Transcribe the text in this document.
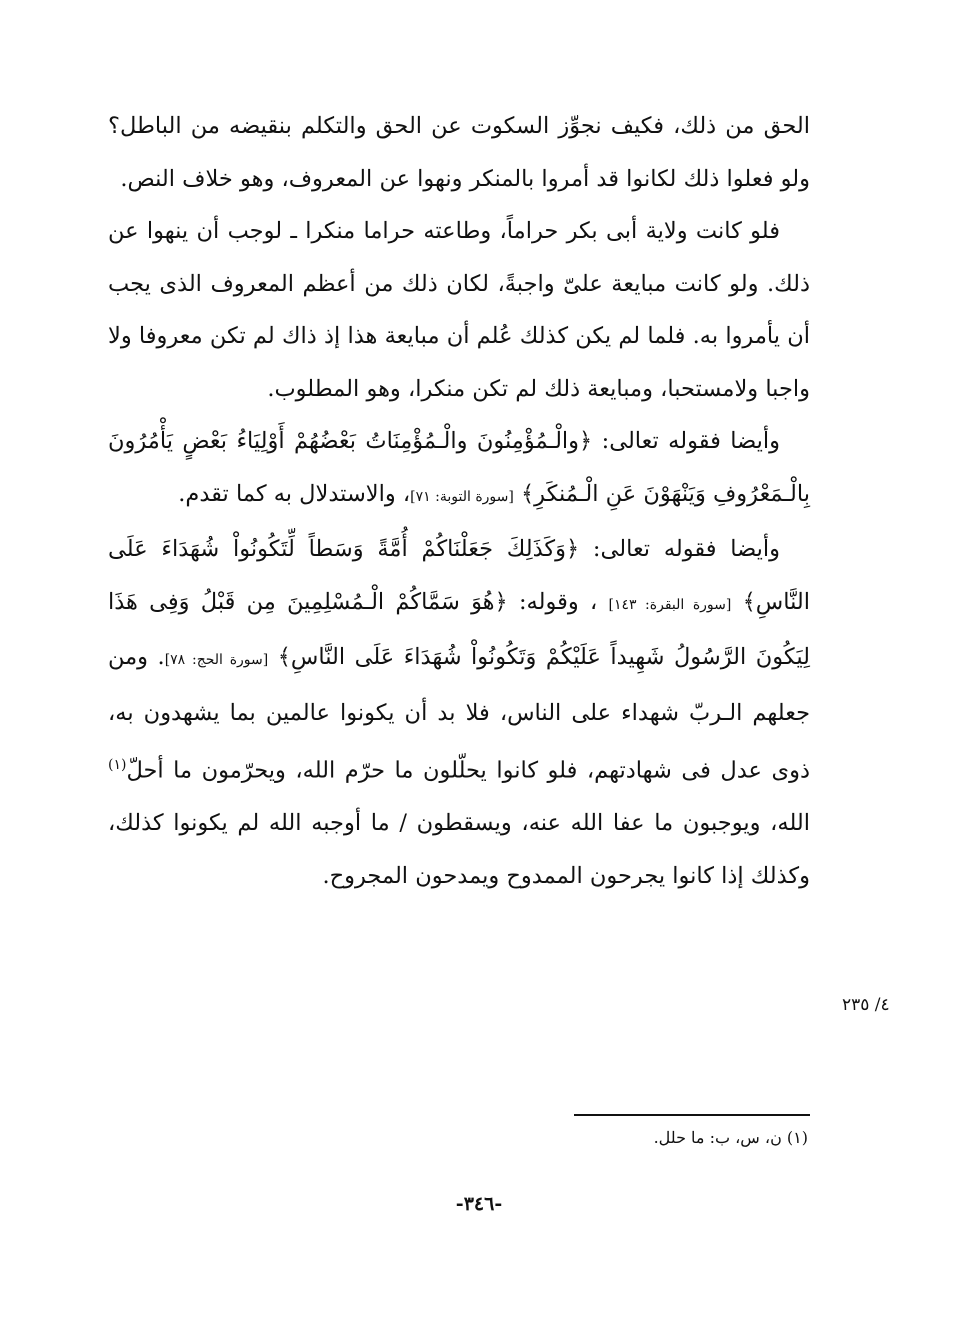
الحق من ذلك، فكيف نجوِّز السكوت عن الحق والتكلم بنقيضه من الباطل؟ ولو فعلوا ذلك لكانوا قد أمروا بالمنكر ونهوا عن المعروف، وهو خلاف النص.

فلو كانت ولاية أبى بكر حراماً، وطاعته حراما منكرا ـ لوجب أن ينهوا عن ذلك. ولو كانت مبايعة علىّ واجبةً، لكان ذلك من أعظم المعروف الذى يجب أن يأمروا به. فلما لم يكن كذلك عُلم أن مبايعة هذا إذ ذاك لم تكن معروفا ولا واجبا ولامستحبا، ومبايعة ذلك لم تكن منكرا، وهو المطلوب.

وأيضا فقوله تعالى: ﴿والْـمُؤْمِنُونَ والْـمُؤْمِنَاتُ بَعْضُهُمْ أَوْلِيَاءُ بَعْضٍ يَأْمُرُونَ بِالْـمَعْرُوفِ وَيَنْهَوْنَ عَنِ الْـمُنكَرِ﴾ [سورة التوبة: ٧١]، والاستدلال به كما تقدم.

وأيضا فقوله تعالى: ﴿وَكَذَلِكَ جَعَلْنَاكُمْ أُمَّةً وَسَطاً لِّتَكُونُواْ شُهَدَاءَ عَلَى النَّاسِ﴾ [سورة البقرة: ١٤٣] ، وقوله: ﴿هُوَ سَمَّاكُمْ الْـمُسْلِمِينَ مِن قَبْلُ وَفِى هَذَا لِيَكُونَ الرَّسُولُ شَهِيداً عَلَيْكُمْ وَتَكُونُواْ شُهَدَاءَ عَلَى النَّاسِ﴾ [سورة الحج: ٧٨]. ومن جعلهم الـربّ شهداء على الناس، فلا بد أن يكونوا عالمين بما يشهدون به، ذوى عدل فى شهادتهم، فلو كانوا يحلّلون ما حرّم الله، ويحرّمون ما أحلّ$^{(١)}$ الله، ويوجبون ما عفا الله عنه، ويسقطون / ما أوجبه الله لم يكونوا كذلك، وكذلك إذا كانوا يجرحون الممدوح ويمدحون المجروح.

٤/ ٢٣٥
(١) ن، س، ب: ما حلل.
-٣٤٦-
